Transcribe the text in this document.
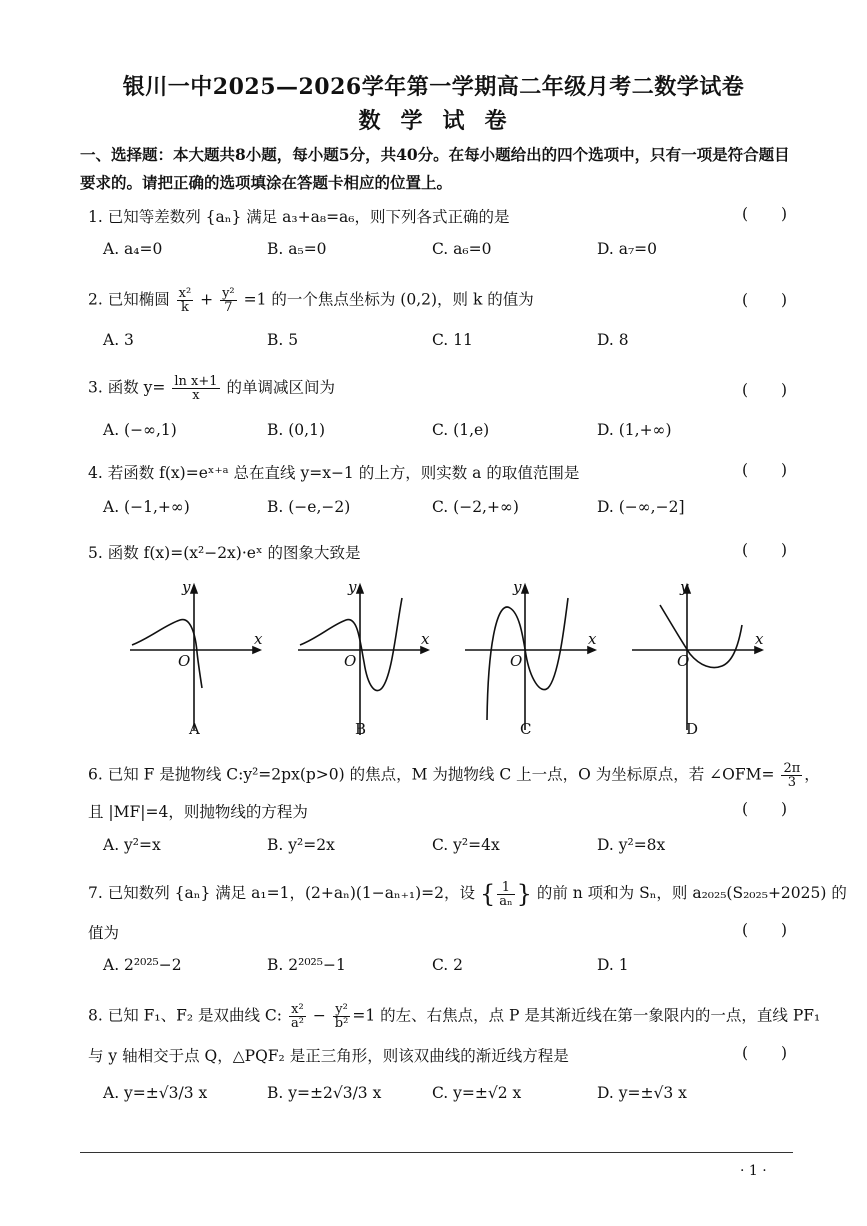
银川一中2025—2026学年第一学期高二年级月考二数学试卷
数学试卷
一、选择题：本大题共8小题，每小题5分，共40分。在每小题给出的四个选项中，只有一项是符合题目要求的。请把正确的选项填涂在答题卡相应的位置上。
1. 已知等差数列 {aₙ} 满足 a₃+a₈=a₆，则下列各式正确的是	( )
A. a₄=0	B. a₅=0	C. a₆=0	D. a₇=0
2. 已知椭圆 $\frac{\text{x²}}{k} + \frac{\text{y²}}{7} =1$ 的一个焦点坐标为 (0,2)，则 k 的值为	( )
A. 3	B. 5	C. 11	D. 8
3. 函数 $y= \frac{\text{ln x+1}}{x}$ 的单调减区间为	( )
A. (−∞,1)	B. (0,1)	C. (1,e)	D. (1,+∞)
4. 若函数 f(x)=eˣ⁺ᵃ 总在直线 y=x−1 的上方，则实数 a 的取值范围是	( )
A. (−1,+∞)	B. (−e,−2)	C. (−2,+∞)	D. (−∞,−2]
5. 函数 f(x)=(x²−2x)·eˣ 的图象大致是	( )
y
x
O
A
y
x
O
B
y
x
O
C
y
x
O
D
6. 已知 F 是抛物线 C:y²=2px(p>0) 的焦点，M 为抛物线 C 上一点，O 为坐标原点，若 ∠OFM= $\frac{2\pi}{3}$ ，
且 |MF|=4，则抛物线的方程为	( )
A. y²=x	B. y²=2x	C. y²=4x	D. y²=8x
7. 已知数列 {aₙ} 满足 a₁=1，(2+aₙ)(1−aₙ₊₁)=2，设 { $\frac{1}{\text{aₙ}}$ } 的前 n 项和为 Sₙ，则 a₂₀₂₅(S₂₀₂₅+2025) 的
值为	( )
A. 2²⁰²⁵−2	B. 2²⁰²⁵−1	C. 2	D. 1
8. 已知 F₁、F₂ 是双曲线 C: $\frac{\text{x²}}{\text{a²}} - \frac{\text{y²}}{\text{b²}} =1$ 的左、右焦点，点 P 是其渐近线在第一象限内的一点，直线 PF₁
与 y 轴相交于点 Q，△PQF₂ 是正三角形，则该双曲线的渐近线方程是	( )
A. y=±√3/3 x	B. y=±2√3/3 x	C. y=±√2 x	D. y=±√3 x
· 1 ·
